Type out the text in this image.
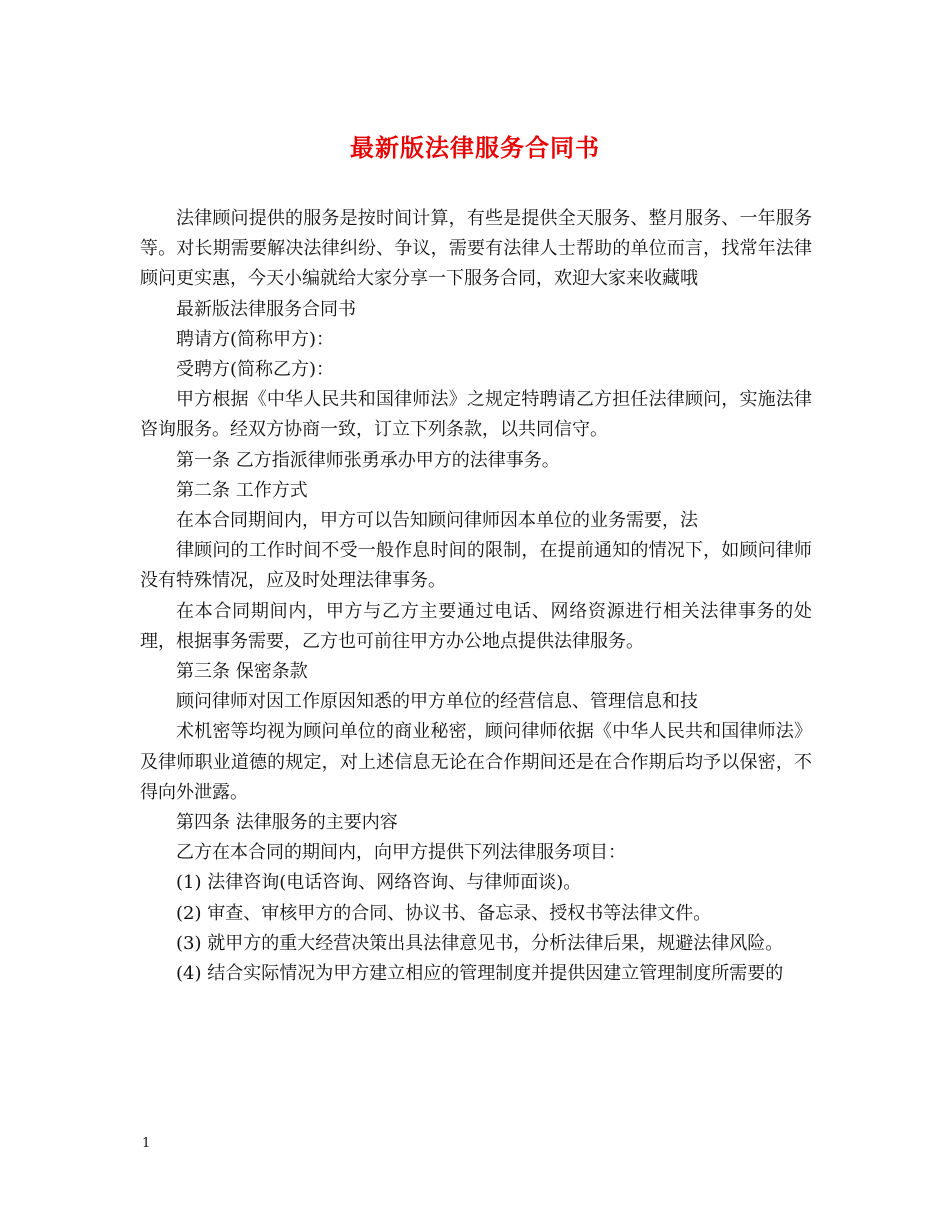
最新版法律服务合同书

法律顾问提供的服务是按时间计算，有些是提供全天服务、整月服务、一年服务等。对长期需要解决法律纠纷、争议，需要有法律人士帮助的单位而言，找常年法律顾问更实惠，今天小编就给大家分享一下服务合同，欢迎大家来收藏哦

最新版法律服务合同书

聘请方(简称甲方)：

受聘方(简称乙方)：

甲方根据《中华人民共和国律师法》之规定特聘请乙方担任法律顾问，实施法律咨询服务。经双方协商一致，订立下列条款，以共同信守。

第一条 乙方指派律师张勇承办甲方的法律事务。

第二条 工作方式

在本合同期间内，甲方可以告知顾问律师因本单位的业务需要，法

律顾问的工作时间不受一般作息时间的限制，在提前通知的情况下，如顾问律师没有特殊情况，应及时处理法律事务。

在本合同期间内，甲方与乙方主要通过电话、网络资源进行相关法律事务的处理，根据事务需要，乙方也可前往甲方办公地点提供法律服务。

第三条 保密条款

顾问律师对因工作原因知悉的甲方单位的经营信息、管理信息和技

术机密等均视为顾问单位的商业秘密，顾问律师依据《中华人民共和国律师法》及律师职业道德的规定，对上述信息无论在合作期间还是在合作期后均予以保密，不得向外泄露。

第四条 法律服务的主要内容

乙方在本合同的期间内，向甲方提供下列法律服务项目：

(1) 法律咨询(电话咨询、网络咨询、与律师面谈)。

(2) 审查、审核甲方的合同、协议书、备忘录、授权书等法律文件。

(3) 就甲方的重大经营决策出具法律意见书，分析法律后果，规避法律风险。

(4) 结合实际情况为甲方建立相应的管理制度并提供因建立管理制度所需要的

1
